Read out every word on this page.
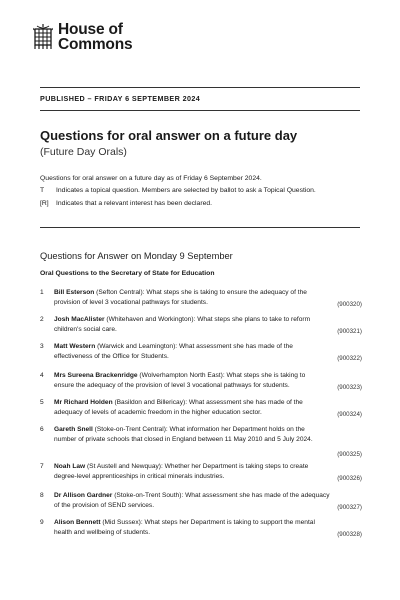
House of
Commons
PUBLISHED – FRIDAY 6 SEPTEMBER 2024
Questions for oral answer on a future day
(Future Day Orals)
Questions for oral answer on a future day as of Friday 6 September 2024.
T	Indicates a topical question. Members are selected by ballot to ask a Topical Question.
[R]	Indicates that a relevant interest has been declared.
Questions for Answer on Monday 9 September
Oral Questions to the Secretary of State for Education
1	Bill Esterson (Sefton Central): What steps she is taking to ensure the adequacy of the
provision of level 3 vocational pathways for students.	(900320)
2	Josh MacAlister (Whitehaven and Workington): What steps she plans to take to reform
children's social care.	(900321)
3	Matt Western (Warwick and Leamington): What assessment she has made of the
effectiveness of the Office for Students.	(900322)
4	Mrs Sureena Brackenridge (Wolverhampton North East): What steps she is taking to
ensure the adequacy of the provision of level 3 vocational pathways for students.	(900323)
5	Mr Richard Holden (Basildon and Billericay): What assessment she has made of the
adequacy of levels of academic freedom in the higher education sector.	(900324)
6	Gareth Snell (Stoke-on-Trent Central): What information her Department holds on the
number of private schools that closed in England between 11 May 2010 and 5 July 2024.
(900325)
7	Noah Law (St Austell and Newquay): Whether her Department is taking steps to create
degree-level apprenticeships in critical minerals industries.	(900326)
8	Dr Allison Gardner (Stoke-on-Trent South): What assessment she has made of the adequacy
of the provision of SEND services.	(900327)
9	Alison Bennett (Mid Sussex): What steps her Department is taking to support the mental
health and wellbeing of students.	(900328)
